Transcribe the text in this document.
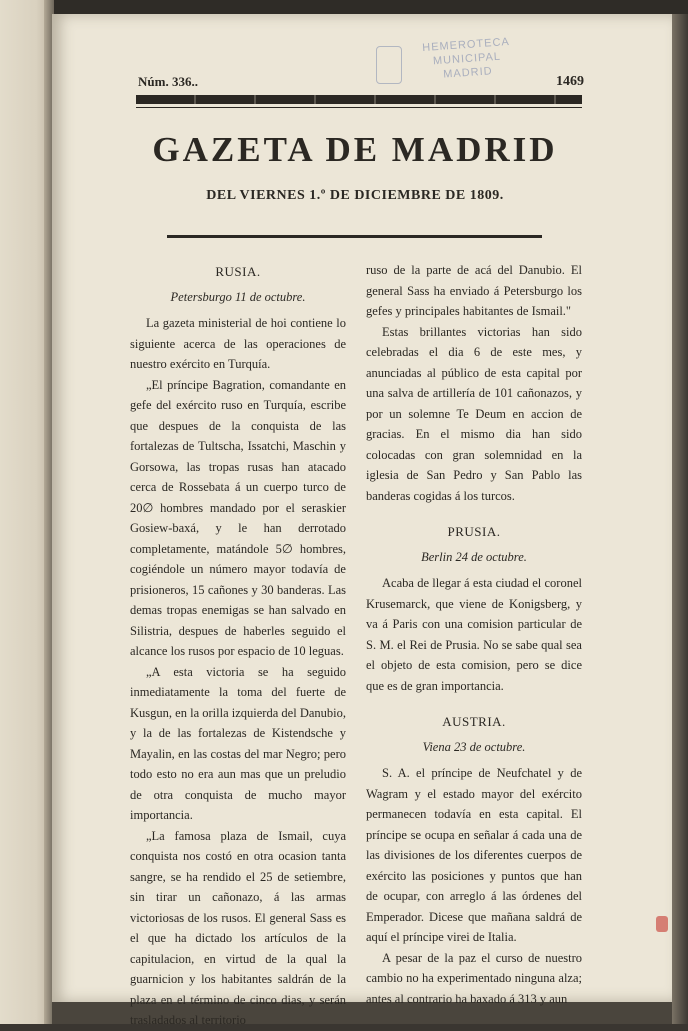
HEMEROTECA
MUNICIPAL
MADRID
Núm. 336..	1469
GAZETA DE MADRID
DEL VIERNES 1.º DE DICIEMBRE DE 1809.
RUSIA.
Petersburgo 11 de octubre.

La gazeta ministerial de hoi contiene lo siguiente acerca de las operaciones de nuestro exército en Turquía.

„El príncipe Bagration, comandante en gefe del exército ruso en Turquía, escribe que despues de la conquista de las fortalezas de Tultscha, Issatchi, Maschin y Gorsowa, las tropas rusas han atacado cerca de Rossebata á un cuerpo turco de 20∅ hombres mandado por el seraskier Gosiew-baxá, y le han derrotado completamente, matándole 5∅ hombres, cogiéndole un número mayor todavía de prisioneros, 15 cañones y 30 banderas. Las demas tropas enemigas se han salvado en Silistria, despues de haberles seguido el alcance los rusos por espacio de 10 leguas.

„A esta victoria se ha seguido inmediatamente la toma del fuerte de Kusgun, en la orilla izquierda del Danubio, y la de las fortalezas de Kistendsche y Mayalin, en las costas del mar Negro; pero todo esto no era aun mas que un preludio de otra conquista de mucho mayor importancia.

„La famosa plaza de Ismail, cuya conquista nos costó en otra ocasion tanta sangre, se ha rendido el 25 de setiembre, sin tirar un cañonazo, á las armas victoriosas de los rusos. El general Sass es el que ha dictado los artículos de la capitulacion, en virtud de la qual la guarnicion y los habitantes saldrán de la plaza en el término de cinco dias, y serán trasladados al territorio

ruso de la parte de acá del Danubio. El general Sass ha enviado á Petersburgo los gefes y principales habitantes de Ismail."

Estas brillantes victorias han sido celebradas el dia 6 de este mes, y anunciadas al público de esta capital por una salva de artillería de 101 cañonazos, y por un solemne Te Deum en accion de gracias. En el mismo dia han sido colocadas con gran solemnidad en la iglesia de San Pedro y San Pablo las banderas cogidas á los turcos.

PRUSIA.
Berlin 24 de octubre.

Acaba de llegar á esta ciudad el coronel Krusemarck, que viene de Konigsberg, y va á Paris con una comision particular de S. M. el Rei de Prusia. No se sabe qual sea el objeto de esta comision, pero se dice que es de gran importancia.

AUSTRIA.
Viena 23 de octubre.

S. A. el príncipe de Neufchatel y de Wagram y el estado mayor del exército permanecen todavía en esta capital. El príncipe se ocupa en señalar á cada una de las divisiones de los diferentes cuerpos de exército las posiciones y puntos que han de ocupar, con arreglo á las órdenes del Emperador. Dicese que mañana saldrá de aquí el príncipe virei de Italia.

A pesar de la paz el curso de nuestro cambio no ha experimentado ninguna alza; antes al contrario ha baxado á 313 y aun
